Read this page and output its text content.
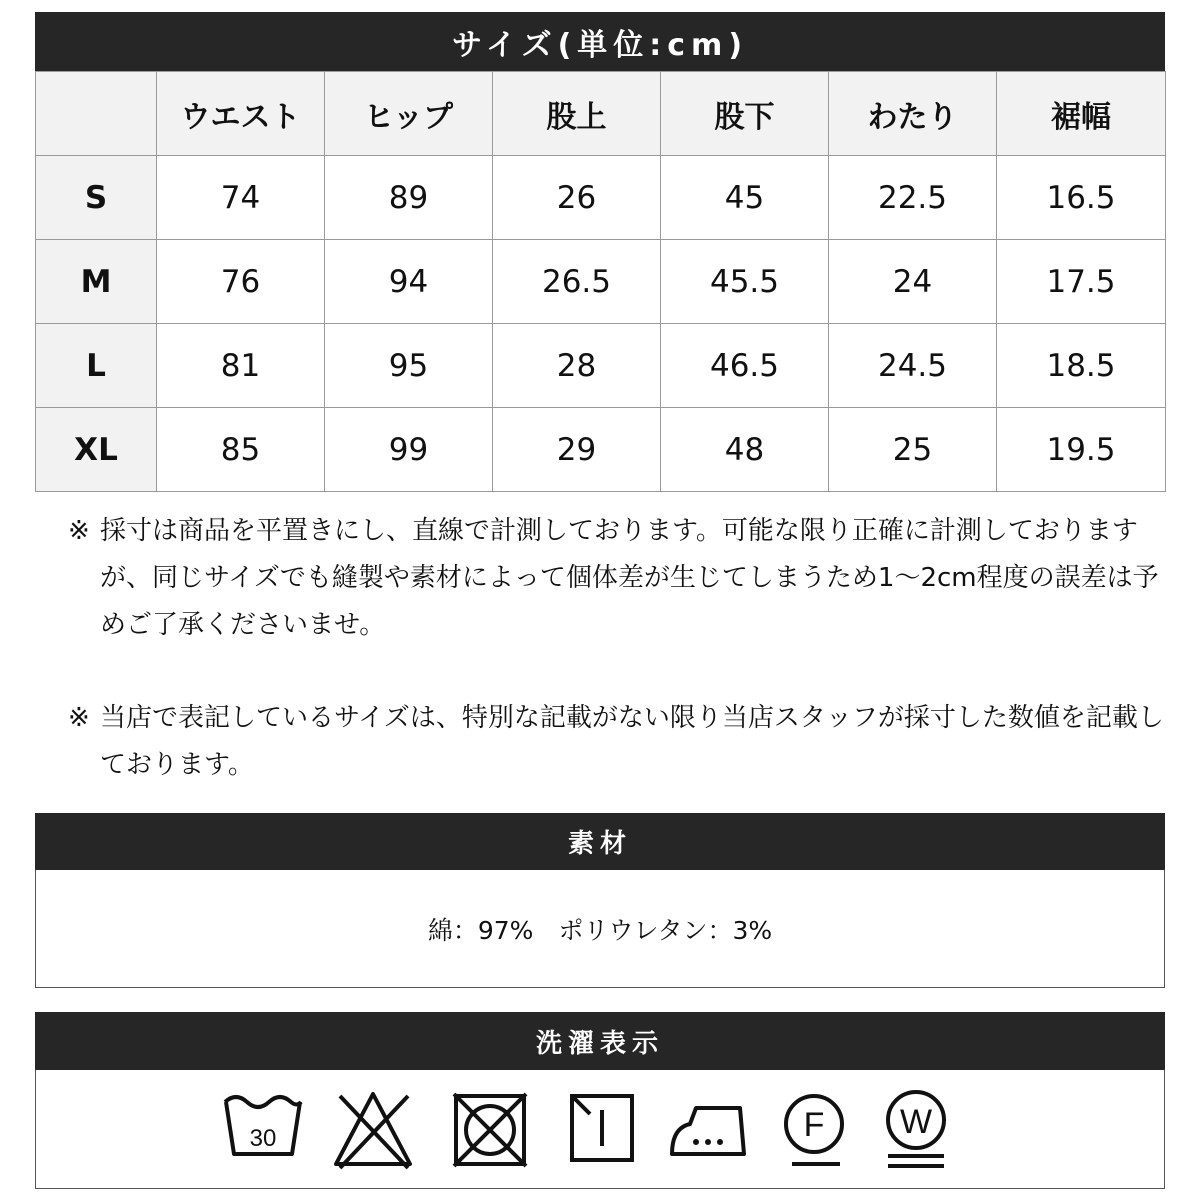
サイズ(単位:cm)
	ウエスト	ヒップ	股上	股下	わたり	裾幅
S	74	89	26	45	22.5	16.5
M	76	94	26.5	45.5	24	17.5
L	81	95	28	46.5	24.5	18.5
XL	85	99	29	48	25	19.5
※ 採寸は商品を平置きにし、直線で計測しております。可能な限り正確に計測しておりますが、同じサイズでも縫製や素材によって個体差が生じてしまうため1〜2cm程度の誤差は予めご了承くださいませ。
※ 当店で表記しているサイズは、特別な記載がない限り当店スタッフが採寸した数値を記載しております。
素材
綿：97%　ポリウレタン：3%
洗濯表示
30	F W
